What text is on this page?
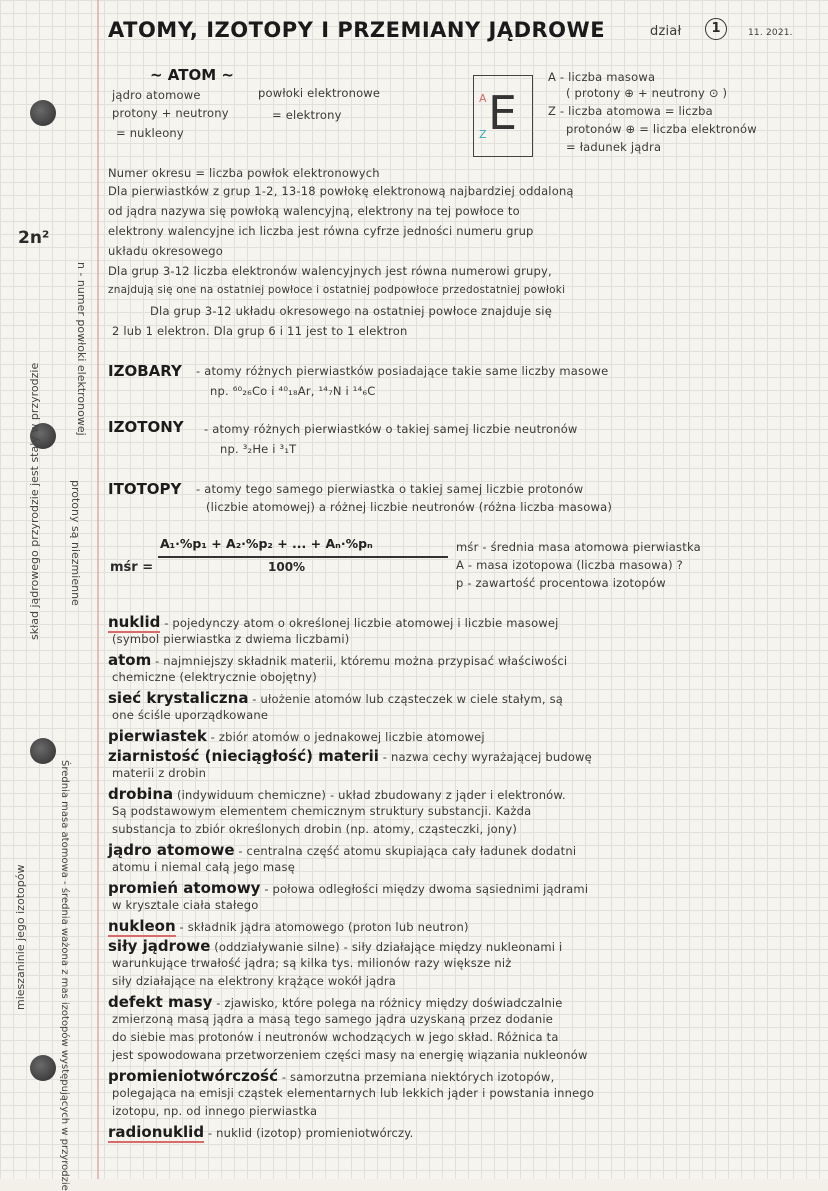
2n²
n - numer powłoki elektronowej
protony są niezmienne
skład jądrowego przyrodzie jest stały w przyrodzie
Średnia masa atomowa - średnia ważona z mas izotopów występujących w przyrodzie
mieszaninie jego izotopów
ATOMY, IZOTOPY I PRZEMIANY JĄDROWE	dział	1	11. 2021.
~ ATOM ~
jądro atomowe	powłoki elektronowe
protony + neutrony	= elektrony
= nukleony
A E
Z
A - liczba masowa
( protony ⊕ + neutrony ⊙ )
Z - liczba atomowa = liczba
protonów ⊕ = liczba elektronów
= ładunek jądra
Numer okresu = liczba powłok elektronowych
Dla pierwiastków z grup 1-2, 13-18 powłokę elektronową najbardziej oddaloną
od jądra nazywa się powłoką walencyjną, elektrony na tej powłoce to
elektrony walencyjne ich liczba jest równa cyfrze jedności numeru grup
układu okresowego
Dla grup 3-12 liczba elektronów walencyjnych jest równa numerowi grupy,
znajdują się one na ostatniej powłoce i ostatniej podpowłoce przedostatniej powłoki
Dla grup 3-12 układu okresowego na ostatniej powłoce znajduje się
2 lub 1 elektron. Dla grup 6 i 11 jest to 1 elektron
IZOBARY - atomy różnych pierwiastków posiadające takie same liczby masowe
np. ⁶⁰₂₆Co i ⁴⁰₁₈Ar, ¹⁴₇N i ¹⁴₆C
IZOTONY - atomy różnych pierwiastków o takiej samej liczbie neutronów
np. ³₂He i ³₁T
ITOTOPY - atomy tego samego pierwiastka o takiej samej liczbie protonów
(liczbie atomowej) a różnej liczbie neutronów (różna liczba masowa)
mśr =
A₁·%p₁ + A₂·%p₂ + ... + Aₙ·%pₙ
100%
mśr - średnia masa atomowa pierwiastka
A - masa izotopowa (liczba masowa) ?
p - zawartość procentowa izotopów
nuklid - pojedynczy atom o określonej liczbie atomowej i liczbie masowej
(symbol pierwiastka z dwiema liczbami)
atom - najmniejszy składnik materii, któremu można przypisać właściwości
chemiczne (elektrycznie obojętny)
sieć krystaliczna - ułożenie atomów lub cząsteczek w ciele stałym, są
one ściśle uporządkowane
pierwiastek - zbiór atomów o jednakowej liczbie atomowej
ziarnistość (nieciągłość) materii - nazwa cechy wyrażającej budowę
materii z drobin
drobina (indywiduum chemiczne) - układ zbudowany z jąder i elektronów.
Są podstawowym elementem chemicznym struktury substancji. Każda
substancja to zbiór określonych drobin (np. atomy, cząsteczki, jony)
jądro atomowe - centralna część atomu skupiająca cały ładunek dodatni
atomu i niemal całą jego masę
promień atomowy - połowa odległości między dwoma sąsiednimi jądrami
w krysztale ciała stałego
nukleon - składnik jądra atomowego (proton lub neutron)
siły jądrowe (oddziaływanie silne) - siły działające między nukleonami i
warunkujące trwałość jądra; są kilka tys. milionów razy większe niż
siły działające na elektrony krążące wokół jądra
defekt masy - zjawisko, które polega na różnicy między doświadczalnie
zmierzoną masą jądra a masą tego samego jądra uzyskaną przez dodanie
do siebie mas protonów i neutronów wchodzących w jego skład. Różnica ta
jest spowodowana przetworzeniem części masy na energię wiązania nukleonów
promieniotwórczość - samorzutna przemiana niektórych izotopów,
polegająca na emisji cząstek elementarnych lub lekkich jąder i powstania innego
izotopu, np. od innego pierwiastka
radionuklid - nuklid (izotop) promieniotwórczy.
